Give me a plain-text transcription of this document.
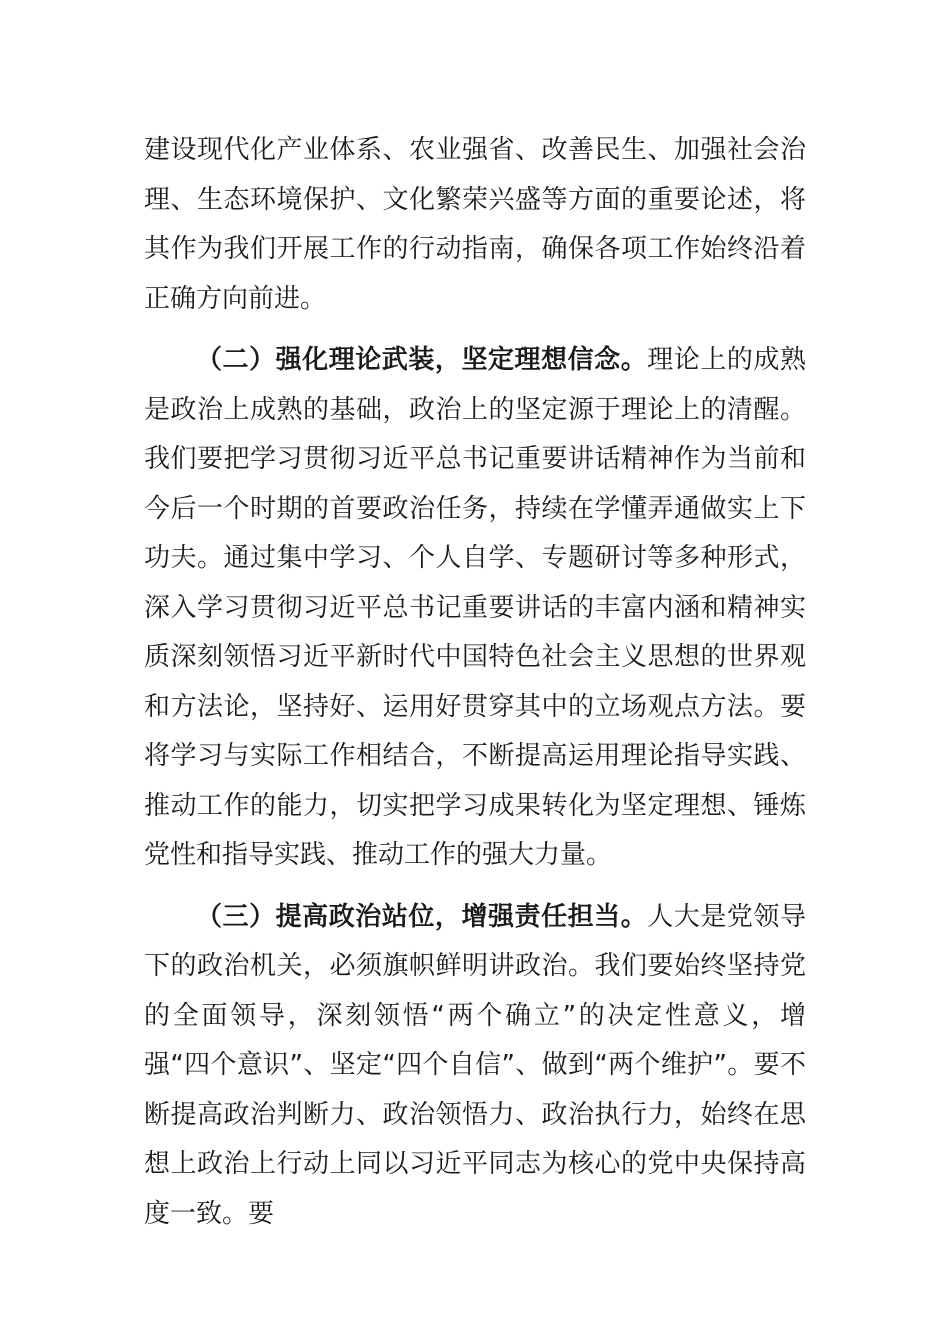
建设现代化产业体系、农业强省、改善民生、加强社会治理、生态环境保护、文化繁荣兴盛等方面的重要论述，将其作为我们开展工作的行动指南，确保各项工作始终沿着正确方向前进。

（二）强化理论武装，坚定理想信念。理论上的成熟是政治上成熟的基础，政治上的坚定源于理论上的清醒。我们要把学习贯彻习近平总书记重要讲话精神作为当前和今后一个时期的首要政治任务，持续在学懂弄通做实上下功夫。通过集中学习、个人自学、专题研讨等多种形式，深入学习贯彻习近平总书记重要讲话的丰富内涵和精神实质深刻领悟习近平新时代中国特色社会主义思想的世界观和方法论，坚持好、运用好贯穿其中的立场观点方法。要将学习与实际工作相结合，不断提高运用理论指导实践、推动工作的能力，切实把学习成果转化为坚定理想、锤炼党性和指导实践、推动工作的强大力量。

（三）提高政治站位，增强责任担当。人大是党领导下的政治机关，必须旗帜鲜明讲政治。我们要始终坚持党的全面领导，深刻领悟“两个确立”的决定性意义，增强“四个意识”、坚定“四个自信”、做到“两个维护”。要不断提高政治判断力、政治领悟力、政治执行力，始终在思想上政治上行动上同以习近平同志为核心的党中央保持高度一致。要
